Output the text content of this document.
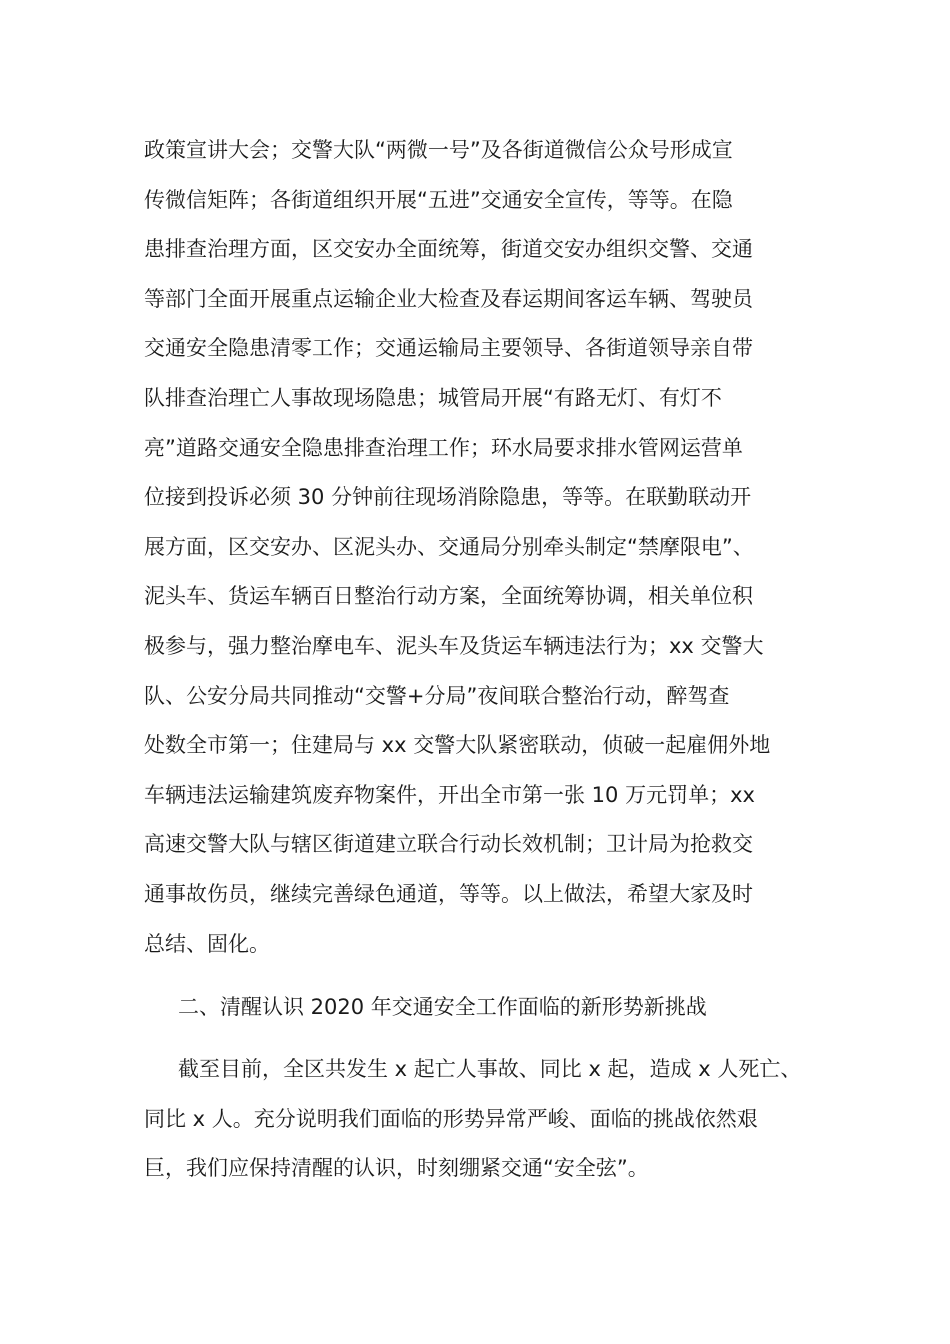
政策宣讲大会；交警大队“两微一号”及各街道微信公众号形成宣
传微信矩阵；各街道组织开展“五进”交通安全宣传，等等。在隐
患排查治理方面，区交安办全面统筹，街道交安办组织交警、交通
等部门全面开展重点运输企业大检查及春运期间客运车辆、驾驶员
交通安全隐患清零工作；交通运输局主要领导、各街道领导亲自带
队排查治理亡人事故现场隐患；城管局开展“有路无灯、有灯不
亮”道路交通安全隐患排查治理工作；环水局要求排水管网运营单
位接到投诉必须 30 分钟前往现场消除隐患，等等。在联勤联动开
展方面，区交安办、区泥头办、交通局分别牵头制定“禁摩限电”、
泥头车、货运车辆百日整治行动方案，全面统筹协调，相关单位积
极参与，强力整治摩电车、泥头车及货运车辆违法行为；xx 交警大
队、公安分局共同推动“交警+分局”夜间联合整治行动，醉驾查
处数全市第一；住建局与 xx 交警大队紧密联动，侦破一起雇佣外地
车辆违法运输建筑废弃物案件，开出全市第一张 10 万元罚单；xx
高速交警大队与辖区街道建立联合行动长效机制；卫计局为抢救交
通事故伤员，继续完善绿色通道，等等。以上做法，希望大家及时
总结、固化。
二、清醒认识 2020 年交通安全工作面临的新形势新挑战
截至目前，全区共发生 x 起亡人事故、同比 x 起，造成 x 人死亡、
同比 x 人。充分说明我们面临的形势异常严峻、面临的挑战依然艰
巨，我们应保持清醒的认识，时刻绷紧交通“安全弦”。
